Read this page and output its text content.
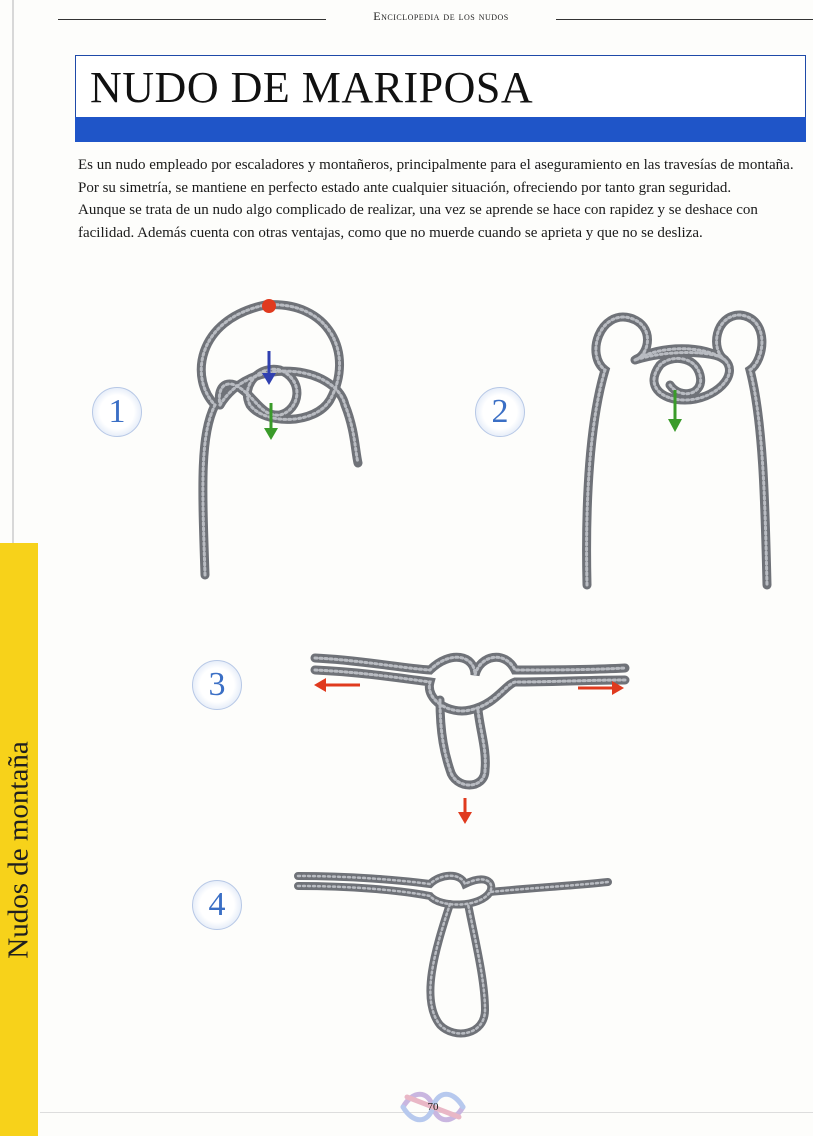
Nudos de montaña
Enciclopedia de los nudos
NUDO DE MARIPOSA

Es un nudo empleado por escaladores y montañeros, principalmente para el aseguramiento en las travesías de montaña. Por su simetría, se mantiene en perfecto estado ante cualquier situación, ofreciendo por tanto gran seguridad.

Aunque se trata de un nudo algo complicado de realizar, una vez se aprende se hace con rapidez y se deshace con facilidad. Además cuenta con otras ventajas, como que no muerde cuando se aprieta y que no se desliza.

1	2
3
4
70
